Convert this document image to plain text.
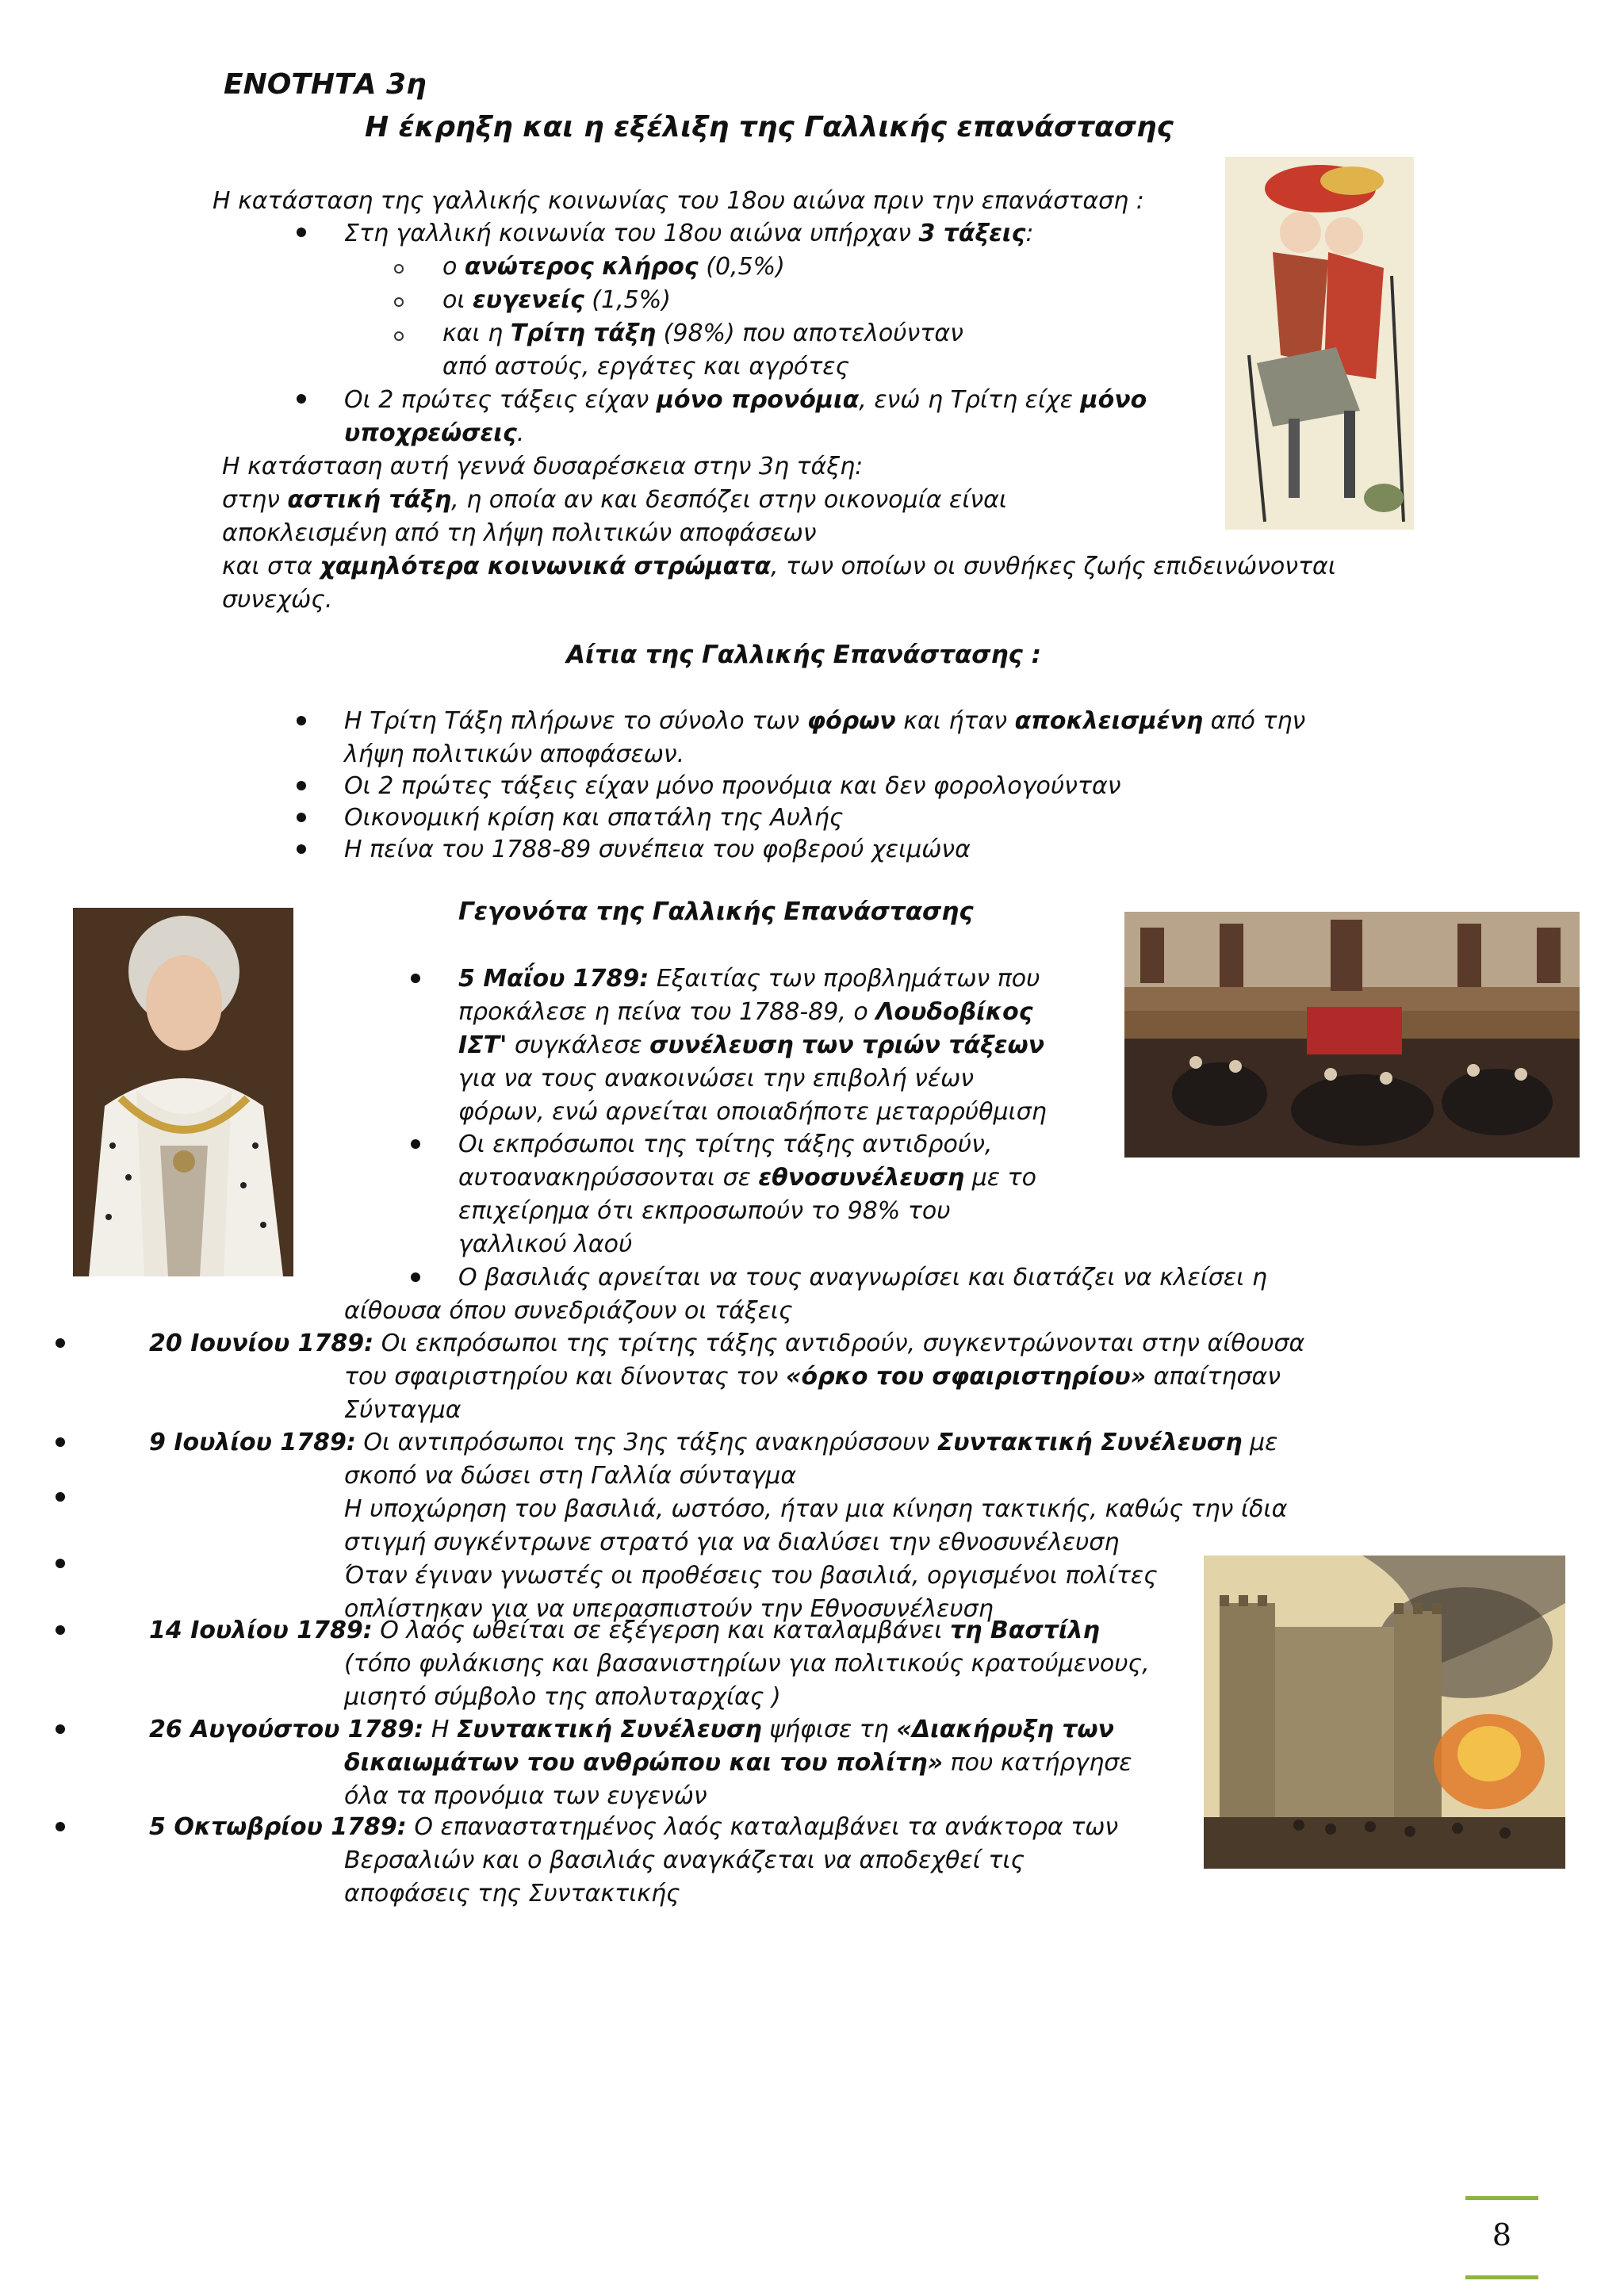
ΕΝΟΤΗΤΑ 3η
Η έκρηξη και η εξέλιξη της Γαλλικής επανάστασης
Η κατάσταση της γαλλικής κοινωνίας του 18ου αιώνα πριν την επανάσταση :
Στη γαλλική κοινωνία του 18ου αιώνα υπήρχαν 3 τάξεις:
ο ανώτερος κλήρος (0,5%)
οι ευγενείς (1,5%)
και η Τρίτη τάξη (98%) που αποτελούνταν
από αστούς, εργάτες και αγρότες
Οι 2 πρώτες τάξεις είχαν μόνο προνόμια, ενώ η Τρίτη είχε μόνο
υποχρεώσεις.
Η κατάσταση αυτή γεννά δυσαρέσκεια στην 3η τάξη:
στην αστική τάξη, η οποία αν και δεσπόζει στην οικονομία είναι
αποκλεισμένη από τη λήψη πολιτικών αποφάσεων
και στα χαμηλότερα κοινωνικά στρώματα, των οποίων οι συνθήκες ζωής επιδεινώνονται
συνεχώς.
Αίτια της Γαλλικής Επανάστασης :
Η Τρίτη Τάξη πλήρωνε το σύνολο των φόρων και ήταν αποκλεισμένη από την
λήψη πολιτικών αποφάσεων.
Οι 2 πρώτες τάξεις είχαν μόνο προνόμια και δεν φορολογούνταν
Οικονομική κρίση και σπατάλη της Αυλής
Η πείνα του 1788-89 συνέπεια του φοβερού χειμώνα
Γεγονότα της Γαλλικής Επανάστασης
5 Μαΐου 1789: Εξαιτίας των προβλημάτων που
προκάλεσε η πείνα του 1788-89, ο Λουδοβίκος
ΙΣΤ' συγκάλεσε συνέλευση των τριών τάξεων
για να τους ανακοινώσει την επιβολή νέων
φόρων, ενώ αρνείται οποιαδήποτε μεταρρύθμιση
Οι εκπρόσωποι της τρίτης τάξης αντιδρούν,
αυτοανακηρύσσονται σε εθνοσυνέλευση με το
επιχείρημα ότι εκπροσωπούν το 98% του
γαλλικού λαού
Ο βασιλιάς αρνείται να τους αναγνωρίσει και διατάζει να κλείσει η
αίθουσα όπου συνεδριάζουν οι τάξεις
20 Ιουνίου 1789: Οι εκπρόσωποι της τρίτης τάξης αντιδρούν, συγκεντρώνονται στην αίθουσα
του σφαιριστηρίου και δίνοντας τον «όρκο του σφαιριστηρίου» απαίτησαν
Σύνταγμα
9 Ιουλίου 1789: Οι αντιπρόσωποι της 3ης τάξης ανακηρύσσουν Συντακτική Συνέλευση με
σκοπό να δώσει στη Γαλλία σύνταγμα
Η υποχώρηση του βασιλιά, ωστόσο, ήταν μια κίνηση τακτικής, καθώς την ίδια
στιγμή συγκέντρωνε στρατό για να διαλύσει την εθνοσυνέλευση
Όταν έγιναν γνωστές οι προθέσεις του βασιλιά, οργισμένοι πολίτες
οπλίστηκαν για να υπερασπιστούν την Εθνοσυνέλευση
14 Ιουλίου 1789: Ο λαός ωθείται σε εξέγερση και καταλαμβάνει τη Βαστίλη
(τόπο φυλάκισης και βασανιστηρίων για πολιτικούς κρατούμενους,
μισητό σύμβολο της απολυταρχίας )
26 Αυγούστου 1789: Η Συντακτική Συνέλευση ψήφισε τη «Διακήρυξη των
δικαιωμάτων του ανθρώπου και του πολίτη» που κατήργησε
όλα τα προνόμια των ευγενών
5 Οκτωβρίου 1789: Ο επαναστατημένος λαός καταλαμβάνει τα ανάκτορα των
Βερσαλιών και ο βασιλιάς αναγκάζεται να αποδεχθεί τις
αποφάσεις της Συντακτικής
8
